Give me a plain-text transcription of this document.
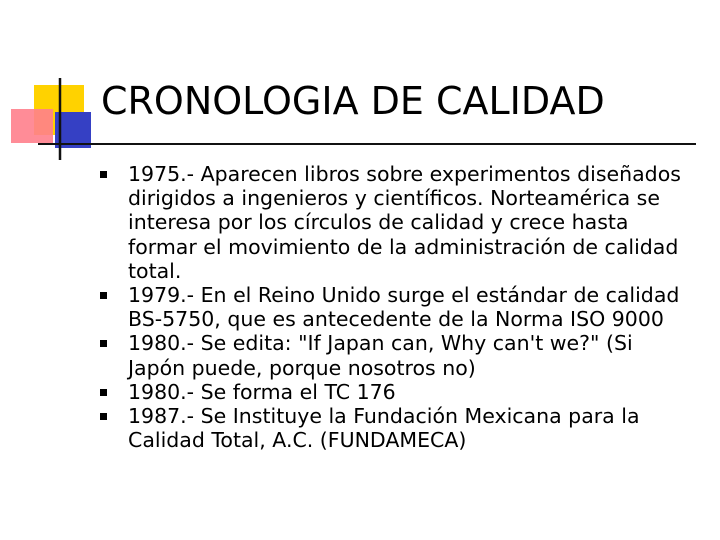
CRONOLOGIA DE CALIDAD
1975.- Aparecen libros sobre experimentos diseñados dirigidos a ingenieros y científicos. Norteamérica se interesa por los círculos de calidad y crece hasta formar el movimiento de la administración de calidad total.
1979.- En el Reino Unido surge el estándar de calidad BS-5750, que es antecedente de la Norma ISO 9000
1980.- Se edita: "If Japan can, Why can't we?" (Si Japón puede, porque nosotros no)
1980.- Se forma el TC 176
1987.- Se Instituye la Fundación Mexicana para la Calidad Total, A.C. (FUNDAMECA)
